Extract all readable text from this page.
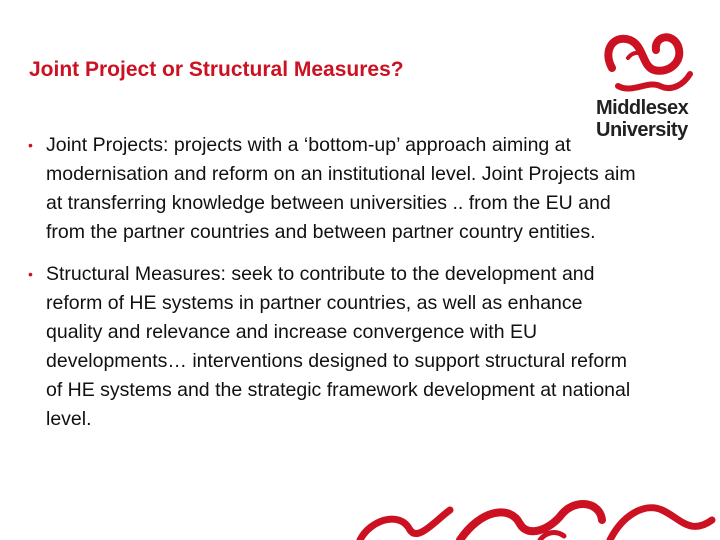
Joint Project or Structural Measures?
Middlesex
University
• Joint Projects: projects with a ‘bottom-up’ approach aiming at modernisation and reform on an institutional level. Joint Projects aim at transferring knowledge between universities .. from the EU and from the partner countries and between partner country entities.
• Structural Measures: seek to contribute to the development and reform of HE systems in partner countries, as well as enhance quality and relevance and increase convergence with EU developments… interventions designed to support structural reform of HE systems and the strategic framework development at national level.
